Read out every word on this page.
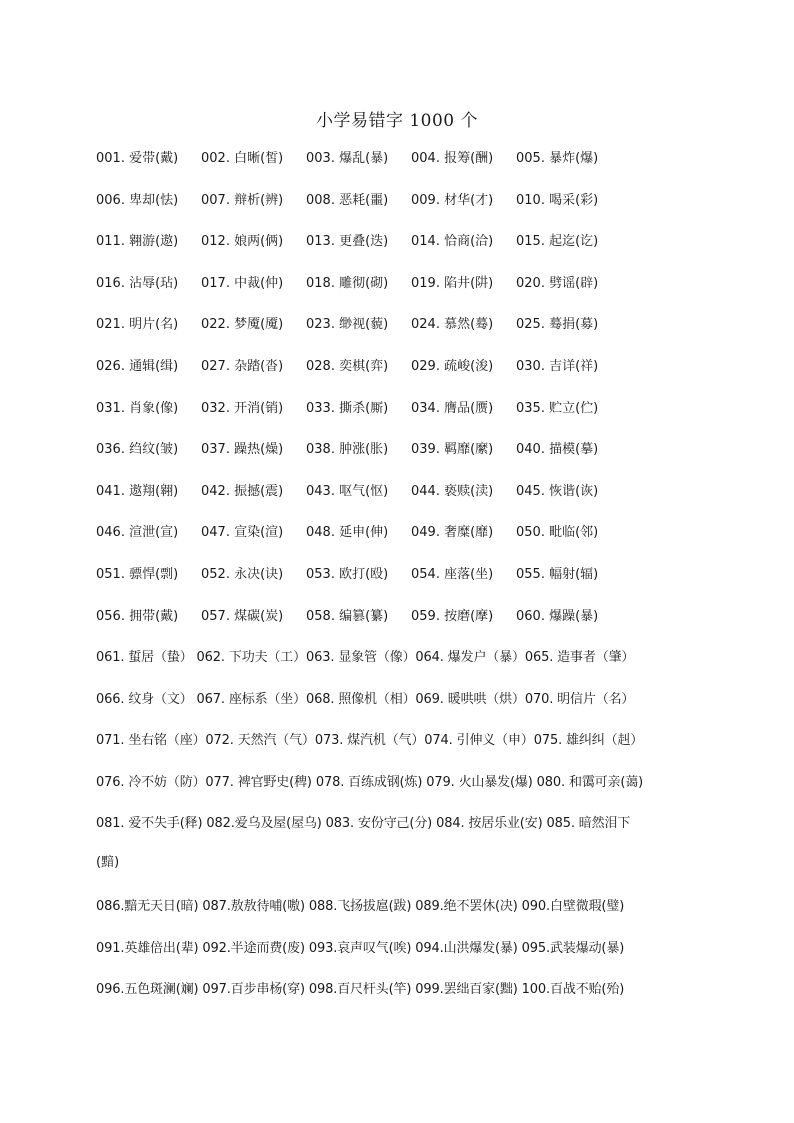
小学易错字 1000 个
001. 爱带(戴) 002. 白晰(皙) 003. 爆乱(暴) 004. 报筹(酬) 005. 暴炸(爆)
006. 卑却(怯) 007. 辩析(辨) 008. 恶耗(噩) 009. 材华(才) 010. 喝采(彩)
011. 翱游(遨) 012. 娘两(俩) 013. 更叠(迭) 014. 恰商(洽) 015. 起迄(讫)
016. 沾辱(玷) 017. 中裁(仲) 018. 雕彻(砌) 019. 陷井(阱) 020. 劈谣(辟)
021. 明片(名) 022. 梦魇(魇) 023. 缈视(藐) 024. 慕然(蓦) 025. 蓦捐(募)
026. 通辑(缉) 027. 杂踏(沓) 028. 奕棋(弈) 029. 疏峻(浚) 030. 吉详(祥)
031. 肖象(像) 032. 开消(销) 033. 撕杀(厮) 034. 膺品(赝) 035. 贮立(伫)
036. 绉纹(皱) 037. 躁热(燥) 038. 肿涨(胀) 039. 羁靡(縻) 040. 描模(摹)
041. 遨翔(翱) 042. 振撼(震) 043. 呕气(怄) 044. 亵赎(渎) 045. 恢谐(诙)
046. 渲泄(宣) 047. 宣染(渲) 048. 延申(伸) 049. 奢糜(靡) 050. 毗临(邻)
051. 骠悍(剽) 052. 永决(诀) 053. 欧打(殴) 054. 座落(坐) 055. 幅射(辐)
056. 拥带(戴) 057. 煤碳(炭) 058. 编篡(纂) 059. 按磨(摩) 060. 爆躁(暴)
061. 蜇居（蛰） 062. 下功夫（工）063. 显象管（像）064. 爆发户（暴）065. 造事者（肇）
066. 纹身（文） 067. 座标系（坐）068. 照像机（相）069. 暖哄哄（烘）070. 明信片（名）
071. 坐右铭（座）072. 天然汽（气）073. 煤汽机（气）074. 引伸义（申）075. 雄纠纠（赳）
076. 冷不妨（防）077. 裨官野史(稗) 078. 百练成钢(炼) 079. 火山暴发(爆) 080. 和霭可亲(蔼)
081. 爱不失手(释) 082.爱乌及屋(屋乌) 083. 安份守己(分) 084. 按居乐业(安) 085. 暗然泪下
(黯)
086.黯无天日(暗) 087.敖敖待哺(嗷) 088.飞扬拔扈(跋) 089.绝不罢休(决) 090.白壁微瑕(璧)
091.英雄倍出(辈) 092.半途而费(废) 093.哀声叹气(唉) 094.山洪爆发(暴) 095.武装爆动(暴)
096.五色斑澜(斓) 097.百步串杨(穿) 098.百尺杆头(竿) 099.罢绌百家(黜) 100.百战不贻(殆)
